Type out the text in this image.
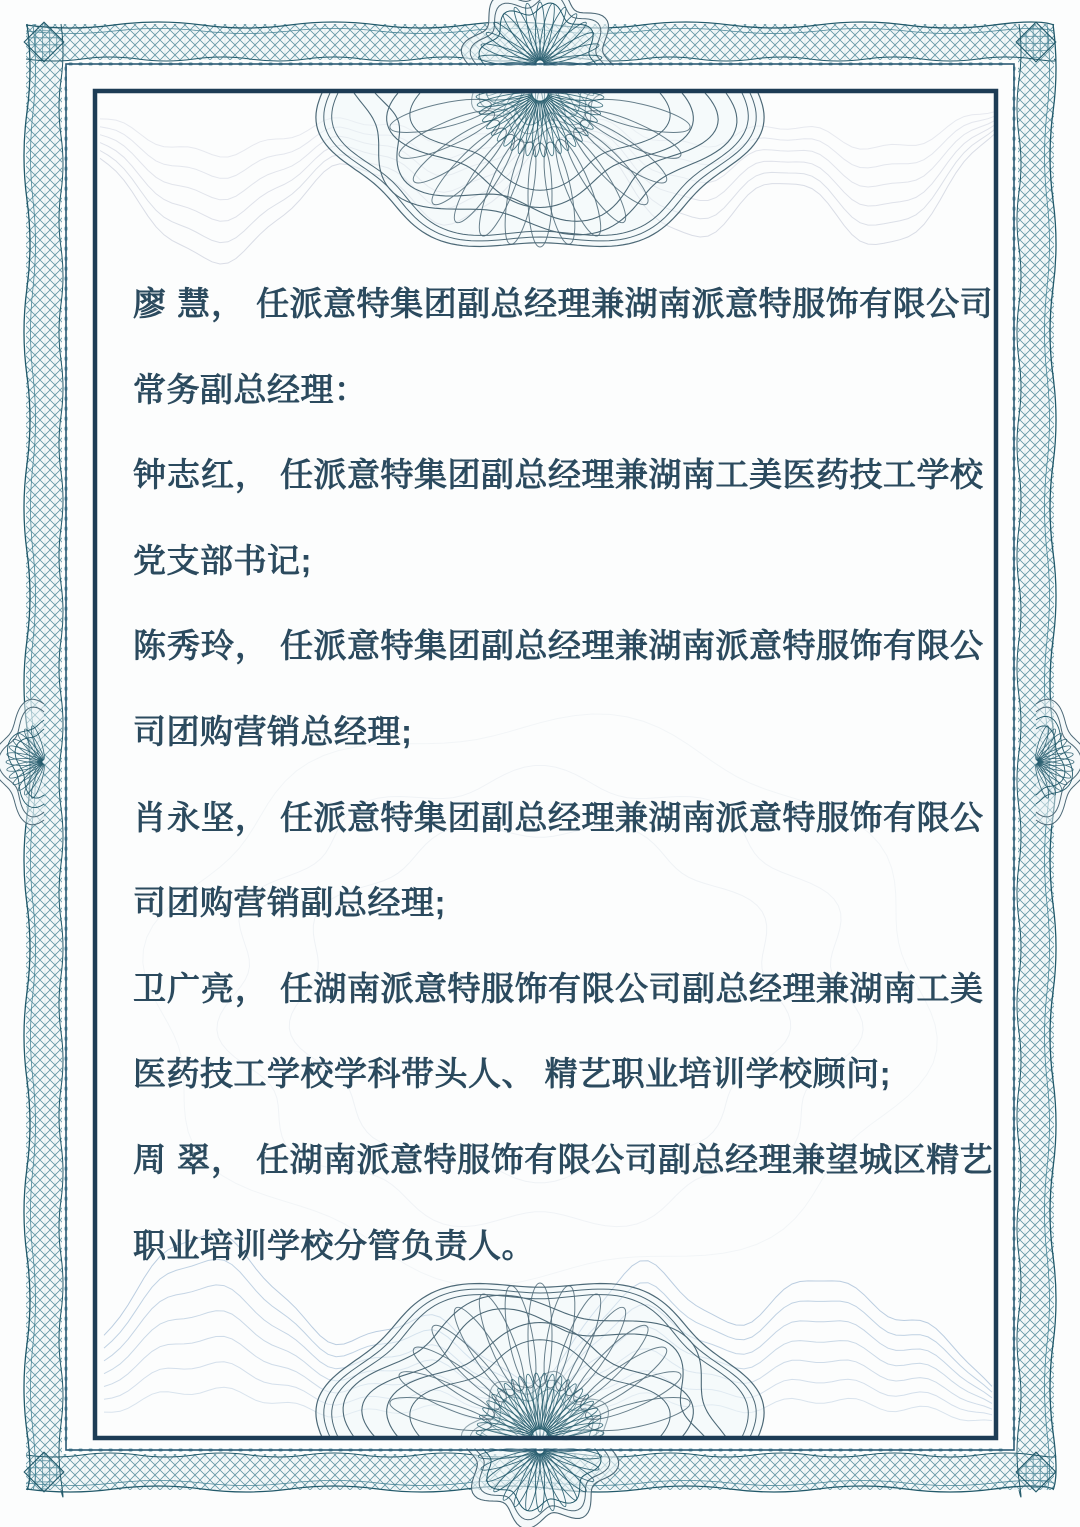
廖 慧， 任派意特集团副总经理兼湖南派意特服饰有限公司

常务副总经理：

钟志红， 任派意特集团副总经理兼湖南工美医药技工学校

党支部书记;

陈秀玲， 任派意特集团副总经理兼湖南派意特服饰有限公

司团购营销总经理;

肖永坚， 任派意特集团副总经理兼湖南派意特服饰有限公

司团购营销副总经理;

卫广亮， 任湖南派意特服饰有限公司副总经理兼湖南工美

医药技工学校学科带头人、 精艺职业培训学校顾问;

周 翠， 任湖南派意特服饰有限公司副总经理兼望城区精艺

职业培训学校分管负责人。
